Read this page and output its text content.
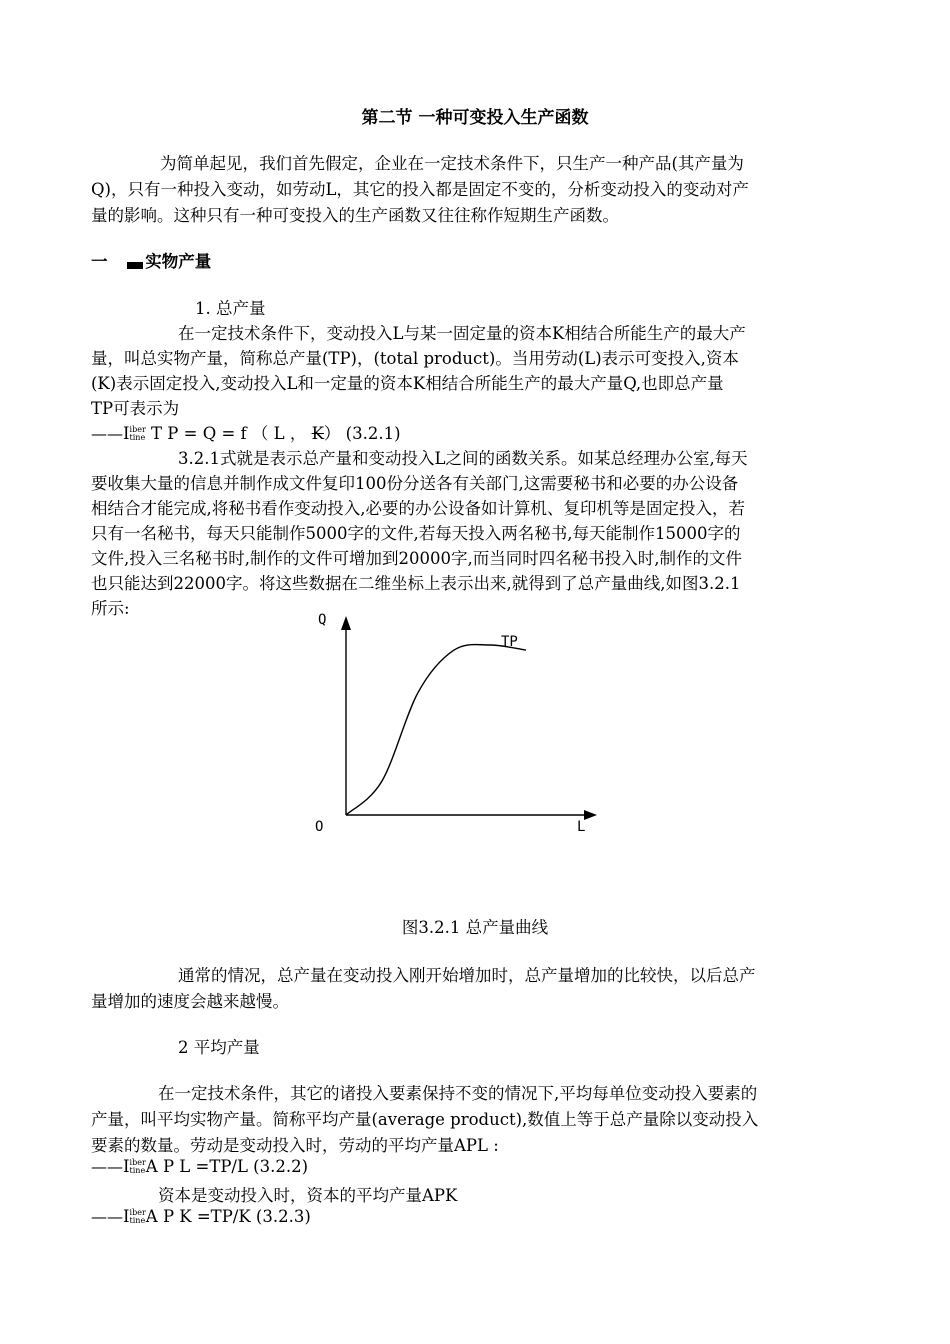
第二节 一种可变投入生产函数
为简单起见，我们首先假定，企业在一定技术条件下，只生产一种产品(其产量为
Q)，只有一种投入变动，如劳动L，其它的投入都是固定不变的，分析变动投入的变动对产
量的影响。这种只有一种可变投入的生产函数又往往称作短期生产函数。
一 实物产量
1. 总产量
在一定技术条件下，变动投入L与某一固定量的资本K相结合所能生产的最大产
量，叫总实物产量，简称总产量(TP)，(total product)。当用劳动(L)表示可变投入,资本
(K)表示固定投入,变动投入L和一定量的资本K相结合所能生产的最大产量Q,也即总产量
TP可表示为
——Iiber
tine T P = Q = f （ L ， K） (3.2.1)
3.2.1式就是表示总产量和变动投入L之间的函数关系。如某总经理办公室,每天
要收集大量的信息并制作成文件复印100份分送各有关部门,这需要秘书和必要的办公设备
相结合才能完成,将秘书看作变动投入,必要的办公设备如计算机、复印机等是固定投入，若
只有一名秘书，每天只能制作5000字的文件,若每天投入两名秘书,每天能制作15000字的
文件,投入三名秘书时,制作的文件可增加到20000字,而当同时四名秘书投入时,制作的文件
也只能达到22000字。将这些数据在二维坐标上表示出来,就得到了总产量曲线,如图3.2.1
所示:
Q
L
O
TP
图3.2.1 总产量曲线
通常的情况，总产量在变动投入刚开始增加时，总产量增加的比较快，以后总产
量增加的速度会越来越慢。
2 平均产量
在一定技术条件，其它的诸投入要素保持不变的情况下,平均每单位变动投入要素的
产量，叫平均实物产量。简称平均产量(average product),数值上等于总产量除以变动投入
要素的数量。劳动是变动投入时，劳动的平均产量APL :
——Iiber
tineA P L =TP/L (3.2.2)
资本是变动投入时，资本的平均产量APK
——Iiber
tineA P K =TP/K (3.2.3)
